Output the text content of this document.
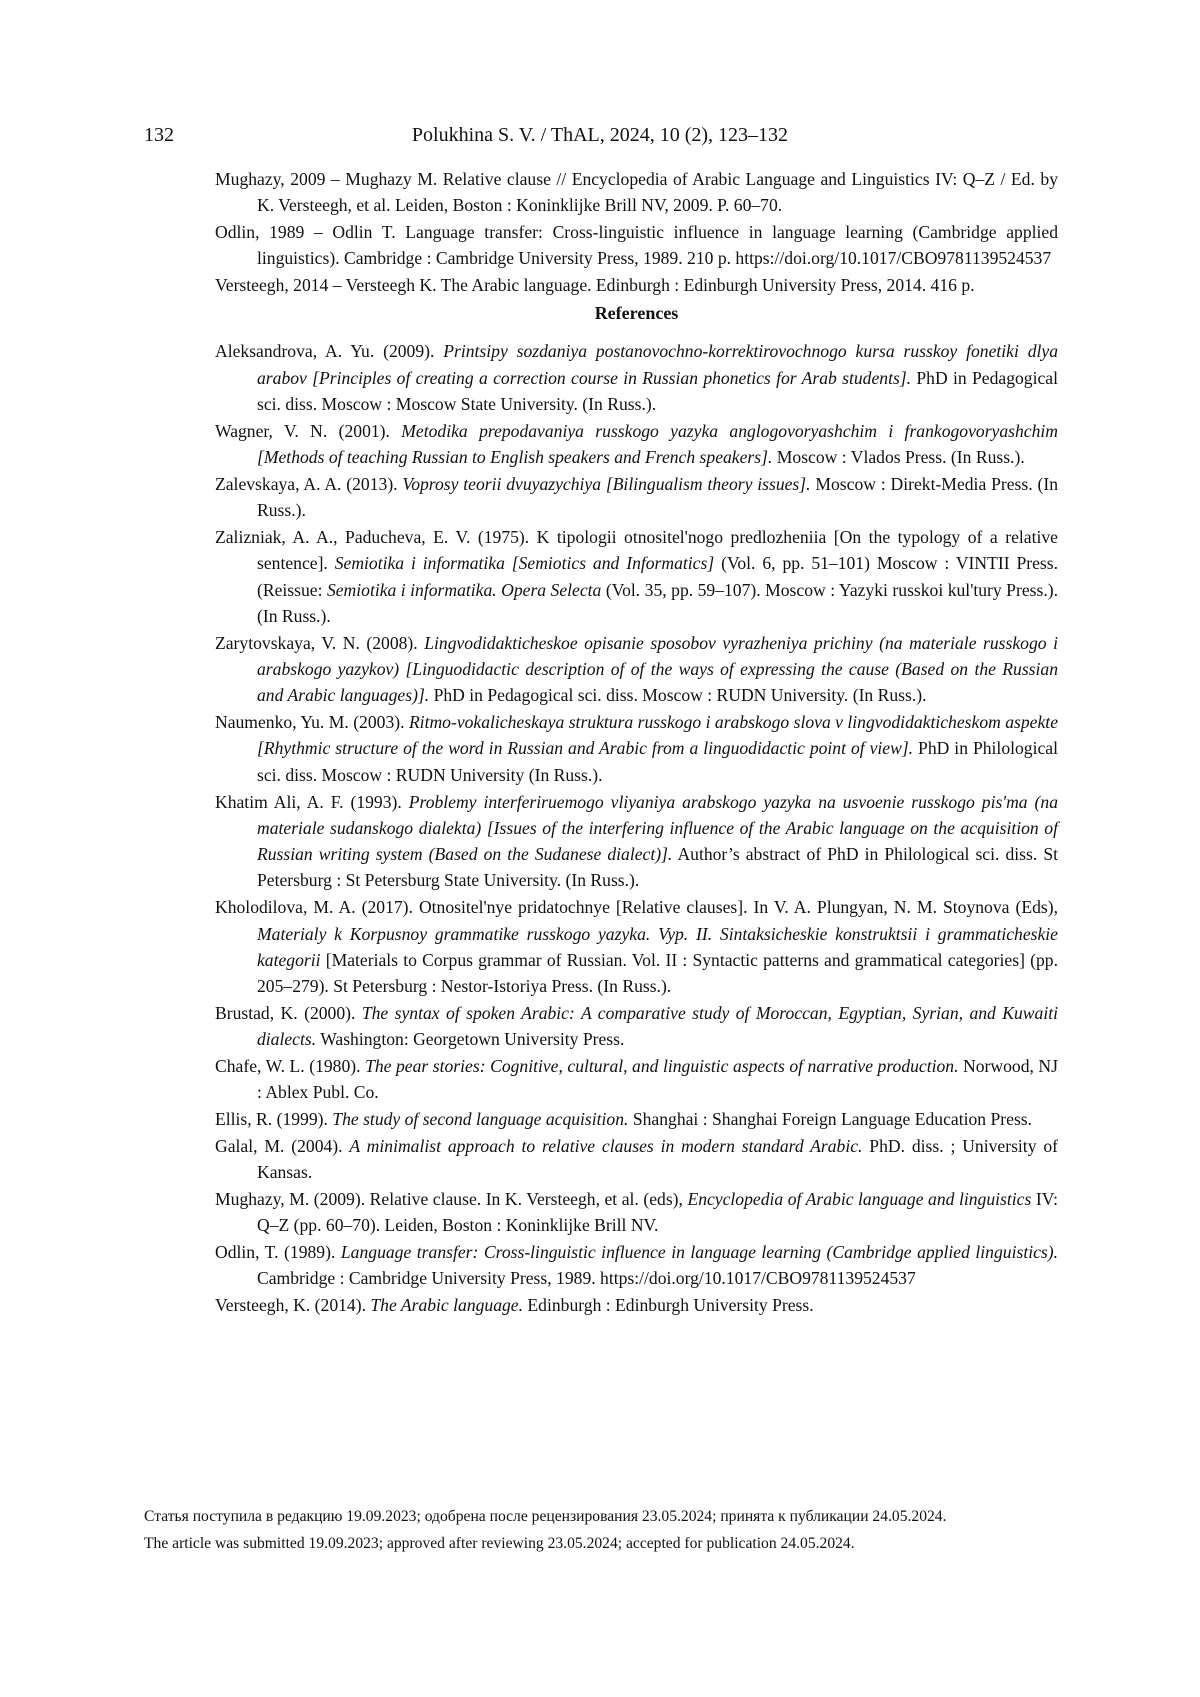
132	Polukhina S. V. / ThAL, 2024, 10 (2), 123–132

Mughazy, 2009 – Mughazy M. Relative clause // Encyclopedia of Arabic Language and Linguistics IV: Q–Z / Ed. by K. Versteegh, et al. Leiden, Boston : Koninklijke Brill NV, 2009. P. 60–70.

Odlin, 1989 – Odlin T. Language transfer: Cross-linguistic influence in language learning (Cambridge applied linguistics). Cambridge : Cambridge University Press, 1989. 210 p. https://doi.org/10.1017/CBO9781139524537

Versteegh, 2014 – Versteegh K. The Arabic language. Edinburgh : Edinburgh University Press, 2014. 416 p.

References

Aleksandrova, A. Yu. (2009). Printsipy sozdaniya postanovochno-korrektirovochnogo kursa russkoy fonetiki dlya arabov [Principles of creating a correction course in Russian phonetics for Arab students]. PhD in Pedagogical sci. diss. Moscow : Moscow State University. (In Russ.).

Wagner, V. N. (2001). Metodika prepodavaniya russkogo yazyka anglogovoryashchim i frankogovoryashchim [Methods of teaching Russian to English speakers and French speakers]. Moscow : Vlados Press. (In Russ.).

Zalevskaya, A. A. (2013). Voprosy teorii dvuyazychiya [Bilingualism theory issues]. Moscow : Direkt-Media Press. (In Russ.).

Zalizniak, A. A., Paducheva, E. V. (1975). K tipologii otnositel'nogo predlozheniia [On the typology of a relative sentence]. Semiotika i informatika [Semiotics and Informatics] (Vol. 6, pp. 51–101) Moscow : VINTII Press. (Reissue: Semiotika i informatika. Opera Selecta (Vol. 35, pp. 59–107). Moscow : Yazyki russkoi kul'tury Press.). (In Russ.).

Zarytovskaya, V. N. (2008). Lingvodidakticheskoe opisanie sposobov vyrazheniya prichiny (na materiale russkogo i arabskogo yazykov) [Linguodidactic description of of the ways of expressing the cause (Based on the Russian and Arabic languages)]. PhD in Pedagogical sci. diss. Moscow : RUDN University. (In Russ.).

Naumenko, Yu. M. (2003). Ritmo-vokalicheskaya struktura russkogo i arabskogo slova v lingvodidakticheskom aspekte [Rhythmic structure of the word in Russian and Arabic from a linguodidactic point of view]. PhD in Philological sci. diss. Moscow : RUDN University (In Russ.).

Khatim Ali, A. F. (1993). Problemy interferiruemogo vliyaniya arabskogo yazyka na usvoenie russkogo pis'ma (na materiale sudanskogo dialekta) [Issues of the interfering influence of the Arabic language on the acquisition of Russian writing system (Based on the Sudanese dialect)]. Author’s abstract of PhD in Philological sci. diss. St Petersburg : St Petersburg State University. (In Russ.).

Kholodilova, M. A. (2017). Otnositel'nye pridatochnye [Relative clauses]. In V. A. Plungyan, N. M. Stoynova (Eds), Materialy k Korpusnoy grammatike russkogo yazyka. Vyp. II. Sintaksicheskie konstruktsii i grammaticheskie kategorii [Materials to Corpus grammar of Russian. Vol. II : Syntactic patterns and grammatical categories] (pp. 205–279). St Petersburg : Nestor-Istoriya Press. (In Russ.).

Brustad, K. (2000). The syntax of spoken Arabic: A comparative study of Moroccan, Egyptian, Syrian, and Kuwaiti dialects. Washington: Georgetown University Press.

Chafe, W. L. (1980). The pear stories: Cognitive, cultural, and linguistic aspects of narrative production. Norwood, NJ : Ablex Publ. Co.

Ellis, R. (1999). The study of second language acquisition. Shanghai : Shanghai Foreign Language Education Press.

Galal, M. (2004). A minimalist approach to relative clauses in modern standard Arabic. PhD. diss. ; University of Kansas.

Mughazy, M. (2009). Relative clause. In K. Versteegh, et al. (eds), Encyclopedia of Arabic language and linguistics IV: Q–Z (pp. 60–70). Leiden, Boston : Koninklijke Brill NV.

Odlin, T. (1989). Language transfer: Cross-linguistic influence in language learning (Cambridge applied linguistics). Cambridge : Cambridge University Press, 1989. https://doi.org/10.1017/CBO9781139524537

Versteegh, K. (2014). The Arabic language. Edinburgh : Edinburgh University Press.

Статья поступила в редакцию 19.09.2023; одобрена после рецензирования 23.05.2024; принята к публикации 24.05.2024.

The article was submitted 19.09.2023; approved after reviewing 23.05.2024; accepted for publication 24.05.2024.
